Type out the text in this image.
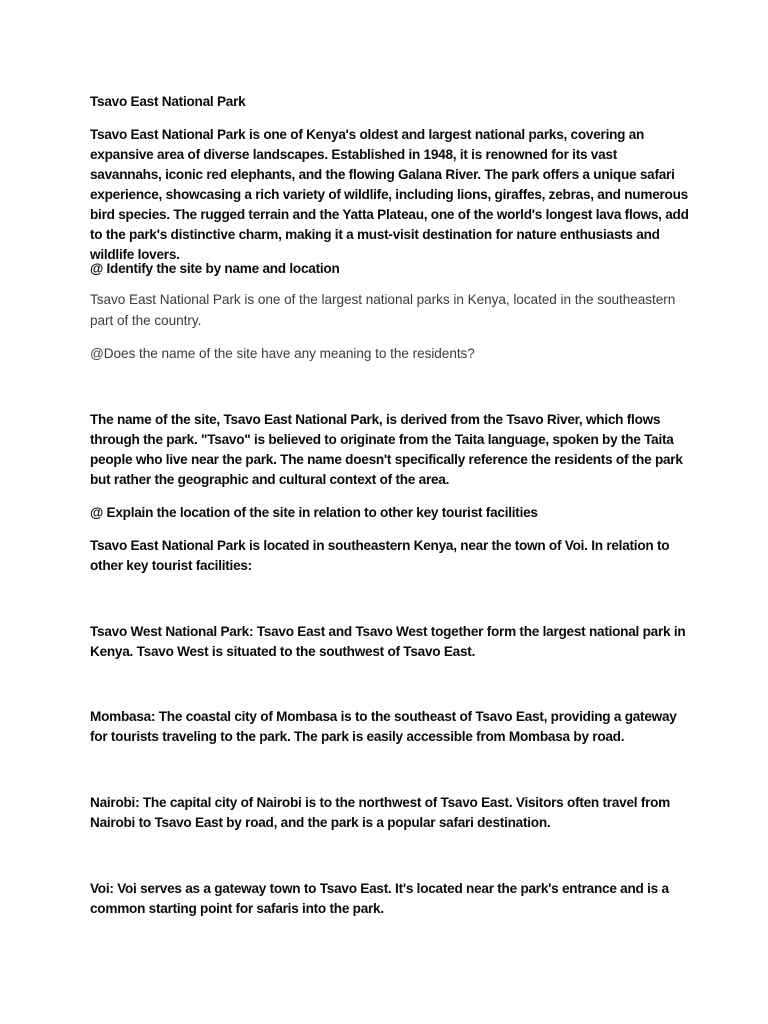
Tsavo East National Park

Tsavo East National Park is one of Kenya's oldest and largest national parks, covering an expansive area of diverse landscapes. Established in 1948, it is renowned for its vast savannahs, iconic red elephants, and the flowing Galana River. The park offers a unique safari experience, showcasing a rich variety of wildlife, including lions, giraffes, zebras, and numerous bird species. The rugged terrain and the Yatta Plateau, one of the world's longest lava flows, add to the park's distinctive charm, making it a must-visit destination for nature enthusiasts and wildlife lovers.

@ Identify the site by name and location

Tsavo East National Park is one of the largest national parks in Kenya, located in the southeastern part of the country.

@Does the name of the site have any meaning to the residents?

The name of the site, Tsavo East National Park, is derived from the Tsavo River, which flows through the park. "Tsavo" is believed to originate from the Taita language, spoken by the Taita people who live near the park. The name doesn't specifically reference the residents of the park but rather the geographic and cultural context of the area.

@ Explain the location of the site in relation to other key tourist facilities

Tsavo East National Park is located in southeastern Kenya, near the town of Voi. In relation to other key tourist facilities:

Tsavo West National Park: Tsavo East and Tsavo West together form the largest national park in Kenya. Tsavo West is situated to the southwest of Tsavo East.

Mombasa: The coastal city of Mombasa is to the southeast of Tsavo East, providing a gateway for tourists traveling to the park. The park is easily accessible from Mombasa by road.

Nairobi: The capital city of Nairobi is to the northwest of Tsavo East. Visitors often travel from Nairobi to Tsavo East by road, and the park is a popular safari destination.

Voi: Voi serves as a gateway town to Tsavo East. It's located near the park's entrance and is a common starting point for safaris into the park.
